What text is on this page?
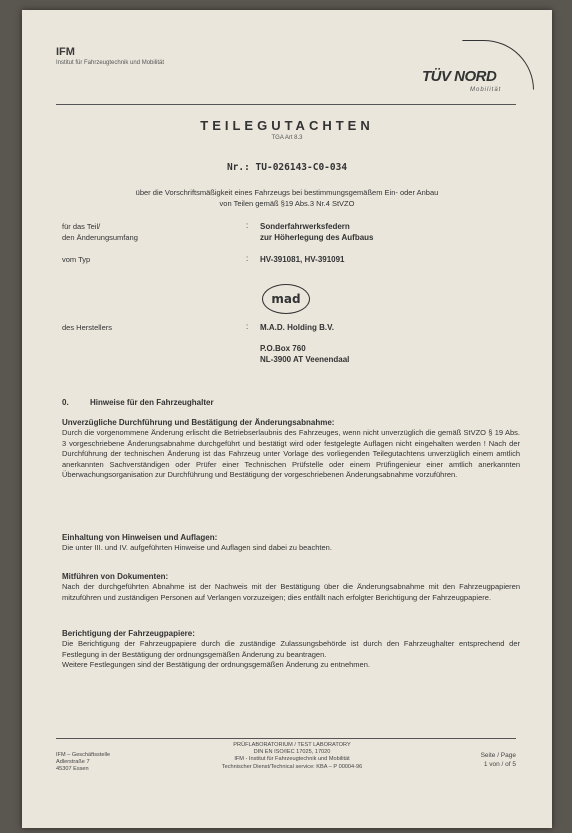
IFM
Institut für Fahrzeugtechnik und Mobilität
TÜV NORD
Mobilität
TEILEGUTACHTEN
TGA Art 8.3
Nr.: TU-026143-C0-034
über die Vorschriftsmäßigkeit eines Fahrzeugs bei bestimmungsgemäßem Ein- oder Anbau
von Teilen gemäß §19 Abs.3 Nr.4 StVZO
für das Teil/
den Änderungsumfang
: Sonderfahrwerksfedern
zur Höherlegung des Aufbaus
vom Typ	: HV-391081, HV-391091
mad
des Herstellers	: M.A.D. Holding B.V.
P.O.Box 760
NL-3900 AT Veenendaal
0.	Hinweise für den Fahrzeughalter
Unverzügliche Durchführung und Bestätigung der Änderungsabnahme:

Durch die vorgenommene Änderung erlischt die Betriebserlaubnis des Fahrzeuges, wenn nicht unverzüglich die gemäß StVZO § 19 Abs. 3 vorgeschriebene Änderungsabnahme durchgeführt und bestätigt wird oder festgelegte Auflagen nicht eingehalten werden ! Nach der Durchführung der technischen Änderung ist das Fahrzeug unter Vorlage des vorliegenden Teilegutachtens unverzüglich einem amtlich anerkannten Sachverständigen oder Prüfer einer Technischen Prüfstelle oder einem Prüfingenieur einer amtlich anerkannten Überwachungsorganisation zur Durchführung und Bestätigung der vorgeschriebenen Änderungsabnahme vorzuführen.

Einhaltung von Hinweisen und Auflagen:

Die unter III. und IV. aufgeführten Hinweise und Auflagen sind dabei zu beachten.

Mitführen von Dokumenten:

Nach der durchgeführten Abnahme ist der Nachweis mit der Bestätigung über die Änderungsabnahme mit den Fahrzeugpapieren mitzuführen und zuständigen Personen auf Verlangen vorzuzeigen; dies entfällt nach erfolgter Berichtigung der Fahrzeugpapiere.

Berichtigung der Fahrzeugpapiere:

Die Berichtigung der Fahrzeugpapiere durch die zuständige Zulassungsbehörde ist durch den Fahrzeughalter entsprechend der Festlegung in der Bestätigung der ordnungsgemäßen Änderung zu beantragen.

Weitere Festlegungen sind der Bestätigung der ordnungsgemäßen Änderung zu entnehmen.

IFM – Geschäftsstelle
Adlerstraße 7
45307 Essen
PRÜFLABORATORIUM / TEST LABORATORY
DIN EN ISO/IEC 17025, 17020
IFM - Institut für Fahrzeugtechnik und Mobilität
Technischer Dienst/Technical service: KBA – P 00004-96
Seite / Page
1 von / of 5
